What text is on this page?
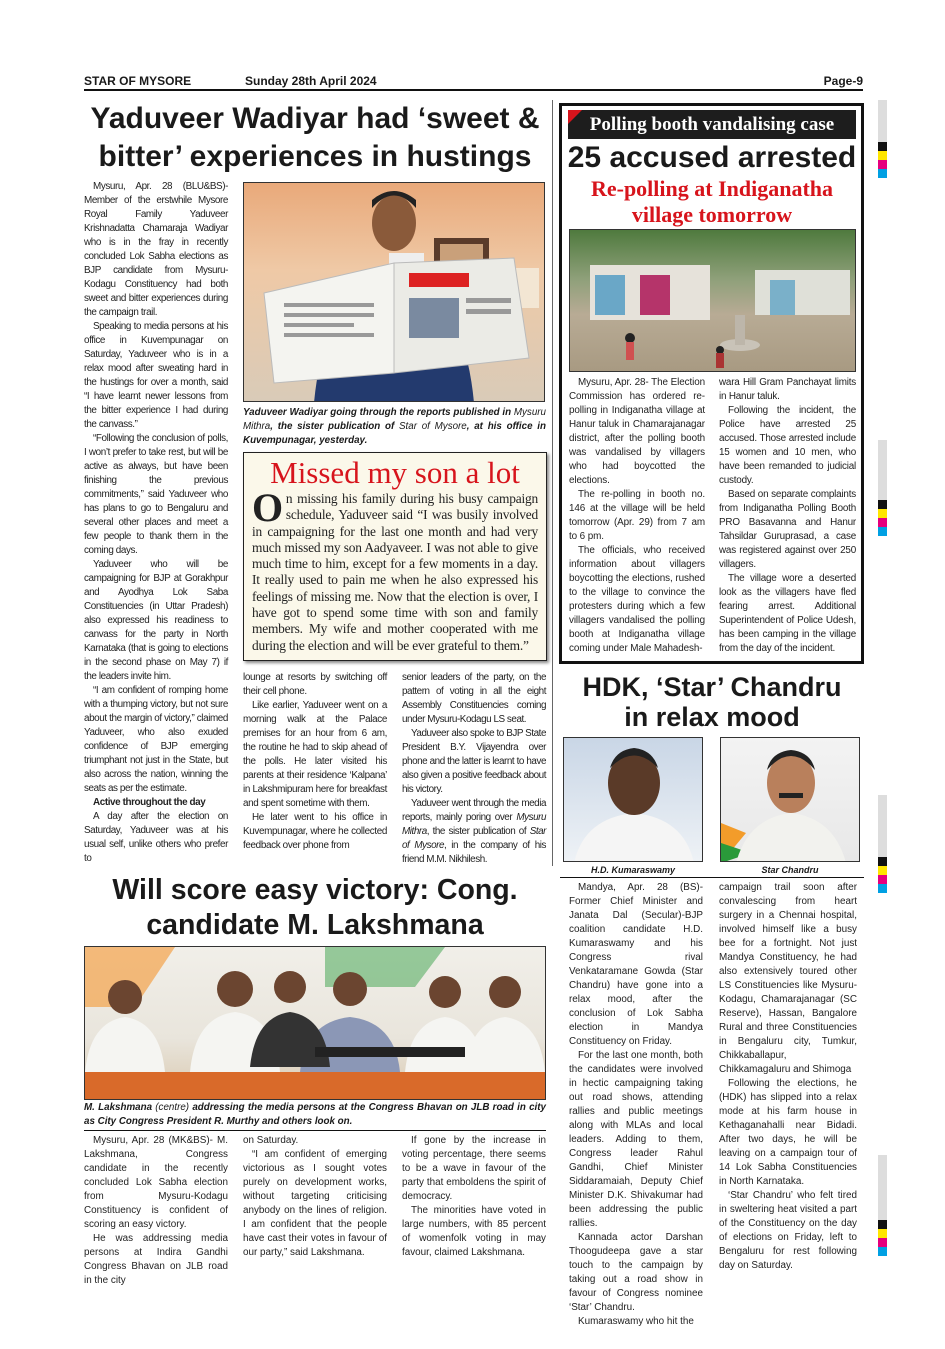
STAR OF MYSORE	Sunday 28th April 2024	Page-9
Yaduveer Wadiyar had ‘sweet &
bitter’ experiences in hustings

Mysuru, Apr. 28 (BLU&BS)- Member of the erstwhile Mysore Royal Family Yaduveer Krishnadatta Chamaraja Wadiyar who is in the fray in recently concluded Lok Sabha elections as BJP candidate from Mysuru-Kodagu Constituency had both sweet and bitter experiences during the campaign trail.

Speaking to media persons at his office in Kuvempunagar on Saturday, Yaduveer who is in a relax mood after sweating hard in the hustings for over a month, said “I have learnt newer lessons from the bitter experience I had during the canvass.”

“Following the conclusion of polls, I won’t prefer to take rest, but will be active as always, but have been finishing the previous commitments,” said Yaduveer who has plans to go to Bengaluru and several other places and meet a few people to thank them in the coming days.

Yaduveer who will be campaigning for BJP at Gorakhpur and Ayodhya Lok Saba Constituencies (in Uttar Pradesh) also expressed his readiness to canvass for the party in North Karnataka (that is going to elections in the second phase on May 7) if the leaders invite him.

“I am confident of romping home with a thumping victory, but not sure about the margin of victory,” claimed Yaduveer, who also exuded confidence of BJP emerging triumphant not just in the State, but also across the nation, winning the seats as per the estimate.

Active throughout the day

A day after the election on Saturday, Yaduveer was at his usual self, unlike others who prefer to

Yaduveer Wadiyar going through the reports published in Mysuru Mithra, the sister publication of Star of Mysore, at his office in Kuvempunagar, yesterday.
Missed my son a lot
On missing his family during his busy campaign schedule, Yaduveer said “I was busily involved in campaigning for the last one month and had very much missed my son Aadyaveer. I was not able to give much time to him, except for a few moments in a day. It really used to pain me when he also expressed his feelings of missing me. Now that the election is over, I have got to spend some time with son and family members. My wife and mother cooperated with me during the election and will be ever grateful to them.”

lounge at resorts by switching off their cell phone.

Like earlier, Yaduveer went on a morning walk at the Palace premises for an hour from 6 am, the routine he had to skip ahead of the polls. He later visited his parents at their residence ‘Kalpana’ in Lakshmipuram here for breakfast and spent sometime with them.

He later went to his office in Kuvempunagar, where he collected feedback over phone from

senior leaders of the party, on the pattern of voting in all the eight Assembly Constituencies coming under Mysuru-Kodagu LS seat.

Yaduveer also spoke to BJP State President B.Y. Vijayendra over phone and the latter is learnt to have also given a positive feedback about his victory.

Yaduveer went through the media reports, mainly poring over Mysuru Mithra, the sister publication of Star of Mysore, in the company of his friend M.M. Nikhilesh.

Polling booth vandalising case
25 accused arrested
Re-polling at Indiganatha
village tomorrow

Mysuru, Apr. 28- The Election Commission has ordered re-polling in Indiganatha village at Hanur taluk in Chamarajanagar district, after the polling booth was vandalised by villagers who had boycotted the elections.

The re-polling in booth no. 146 at the village will be held tomorrow (Apr. 29) from 7 am to 6 pm.

The officials, who received information about villagers boycotting the elections, rushed to the village to convince the protesters during which a few villagers vandalised the polling booth at Indiganatha village coming under Male Mahadesh-

wara Hill Gram Panchayat limits in Hanur taluk.

Following the incident, the Police have arrested 25 accused. Those arrested include 15 women and 10 men, who have been remanded to judicial custody.

Based on separate complaints from Indiganatha Polling Booth PRO Basavanna and Hanur Tahsildar Guruprasad, a case was registered against over 250 villagers.

The village wore a deserted look as the villagers have fled fearing arrest. Additional Superintendent of Police Udesh, has been camping in the village from the day of the incident.

HDK, ‘Star’ Chandru
in relax mood
H.D. Kumaraswamy	Star Chandru

Mandya, Apr. 28 (BS)- Former Chief Minister and Janata Dal (Secular)-BJP coalition candidate H.D. Kumaraswamy and his Congress rival Venkataramane Gowda (Star Chandru) have gone into a relax mood, after the conclusion of Lok Sabha election in Mandya Constituency on Friday.

For the last one month, both the candidates were involved in hectic campaigning taking out road shows, attending rallies and public meetings along with MLAs and local leaders. Adding to them, Congress leader Rahul Gandhi, Chief Minister Siddaramaiah, Deputy Chief Minister D.K. Shivakumar had been addressing the public rallies.

Kannada actor Darshan Thoogudeepa gave a star touch to the campaign by taking out a road show in favour of Congress nominee ‘Star’ Chandru.

Kumaraswamy who hit the

campaign trail soon after convalescing from heart surgery in a Chennai hospital, involved himself like a busy bee for a fortnight. Not just Mandya Constituency, he had also extensively toured other LS Constituencies like Mysuru-Kodagu, Chamarajanagar (SC Reserve), Hassan, Bangalore Rural and three Constituencies in Bengaluru city, Tumkur, Chikkaballapur, Chikkamagaluru and Shimoga

Following the elections, he (HDK) has slipped into a relax mode at his farm house in Kethaganahalli near Bidadi. After two days, he will be leaving on a campaign tour of 14 Lok Sabha Constituencies in North Karnataka.

‘Star Chandru’ who felt tired in sweltering heat visited a part of the Constituency on the day of elections on Friday, left to Bengaluru for rest following day on Saturday.

Will score easy victory: Cong.
candidate M. Lakshmana
M. Lakshmana (centre) addressing the media persons at the Congress Bhavan on JLB road in city as City Congress President R. Murthy and others look on.

Mysuru, Apr. 28 (MK&BS)- M. Lakshmana, Congress candidate in the recently concluded Lok Sabha election from Mysuru-Kodagu Constituency is confident of scoring an easy victory.

He was addressing media persons at Indira Gandhi Congress Bhavan on JLB road in the city

on Saturday.

“I am confident of emerging victorious as I sought votes purely on development works, without targeting criticising anybody on the lines of religion. I am confident that the people have cast their votes in favour of our party,” said Lakshmana.

If gone by the increase in voting percentage, there seems to be a wave in favour of the party that emboldens the spirit of democracy.

The minorities have voted in large numbers, with 85 percent of womenfolk voting in may favour, claimed Lakshmana.
